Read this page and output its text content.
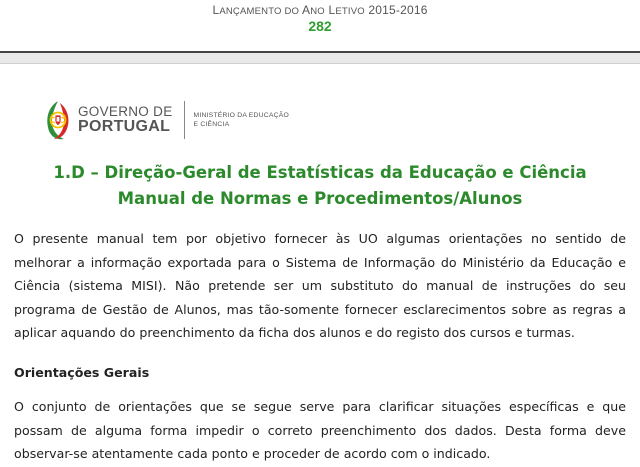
LANÇAMENTO DO ANO LETIVO 2015-2016
282
GOVERNO DE
PORTUGAL
MINISTÉRIO DA EDUCAÇÃO
E CIÊNCIA
1.D – Direção-Geral de Estatísticas da Educação e Ciência
Manual de Normas e Procedimentos/Alunos

O presente manual tem por objetivo fornecer às UO algumas orientações no sentido de melhorar a informação exportada para o Sistema de Informação do Ministério da Educação e Ciência (sistema MISI). Não pretende ser um substituto do manual de instruções do seu programa de Gestão de Alunos, mas tão-somente fornecer esclarecimentos sobre as regras a aplicar aquando do preenchimento da ficha dos alunos e do registo dos cursos e turmas.

Orientações Gerais

O conjunto de orientações que se segue serve para clarificar situações específicas e que possam de alguma forma impedir o correto preenchimento dos dados. Desta forma deve observar-se atentamente cada ponto e proceder de acordo com o indicado.
